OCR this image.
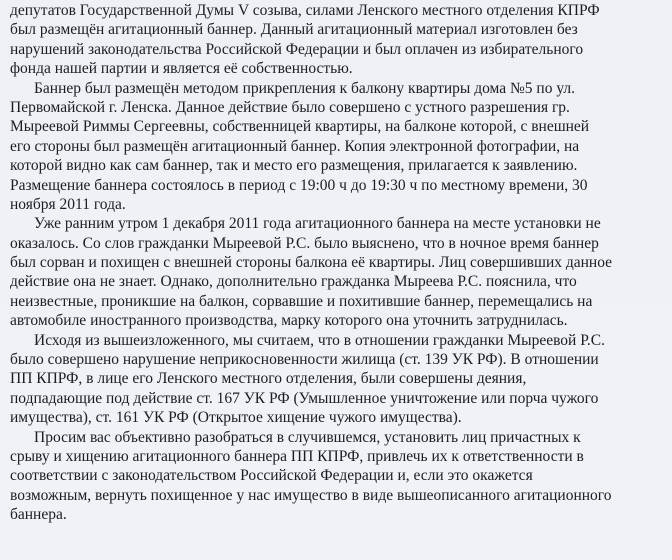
депутатов Государственной Думы V созыва, силами Ленского местного отделения КПРФ
был размещён агитационный баннер. Данный агитационный материал изготовлен без
нарушений законодательства Российской Федерации и был оплачен из избирательного
фонда нашей партии и является её собственностью.
Баннер был размещён методом прикрепления к балкону квартиры дома №5 по ул.
Первомайской г. Ленска. Данное действие было совершено с устного разрешения гр.
Мыреевой Риммы Сергеевны, собственницей квартиры, на балконе которой, с внешней
его стороны был размещён агитационный баннер. Копия электронной фотографии, на
которой видно как сам баннер, так и место его размещения, прилагается к заявлению.
Размещение баннера состоялось в период с 19:00 ч до 19:30 ч по местному времени, 30
ноября 2011 года.
Уже ранним утром 1 декабря 2011 года агитационного баннера на месте установки не
оказалось. Со слов гражданки Мыреевой Р.С. было выяснено, что в ночное время баннер
был сорван и похищен с внешней стороны балкона её квартиры. Лиц совершивших данное
действие она не знает. Однако, дополнительно гражданка Мыреева Р.С. пояснила, что
неизвестные, проникшие на балкон, сорвавшие и похитившие баннер, перемещались на
автомобиле иностранного производства, марку которого она уточнить затруднилась.
Исходя из вышеизложенного, мы считаем, что в отношении гражданки Мыреевой Р.С.
было совершено нарушение неприкосновенности жилища (ст. 139 УК РФ). В отношении
ПП КПРФ, в лице его Ленского местного отделения, были совершены деяния,
подпадающие под действие ст. 167 УК РФ (Умышленное уничтожение или порча чужого
имущества), ст. 161 УК РФ (Открытое хищение чужого имущества).
Просим вас объективно разобраться в случившемся, установить лиц причастных к
срыву и хищению агитационного баннера ПП КПРФ, привлечь их к ответственности в
соответствии с законодательством Российской Федерации и, если это окажется
возможным, вернуть похищенное у нас имущество в виде вышеописанного агитационного
баннера.
